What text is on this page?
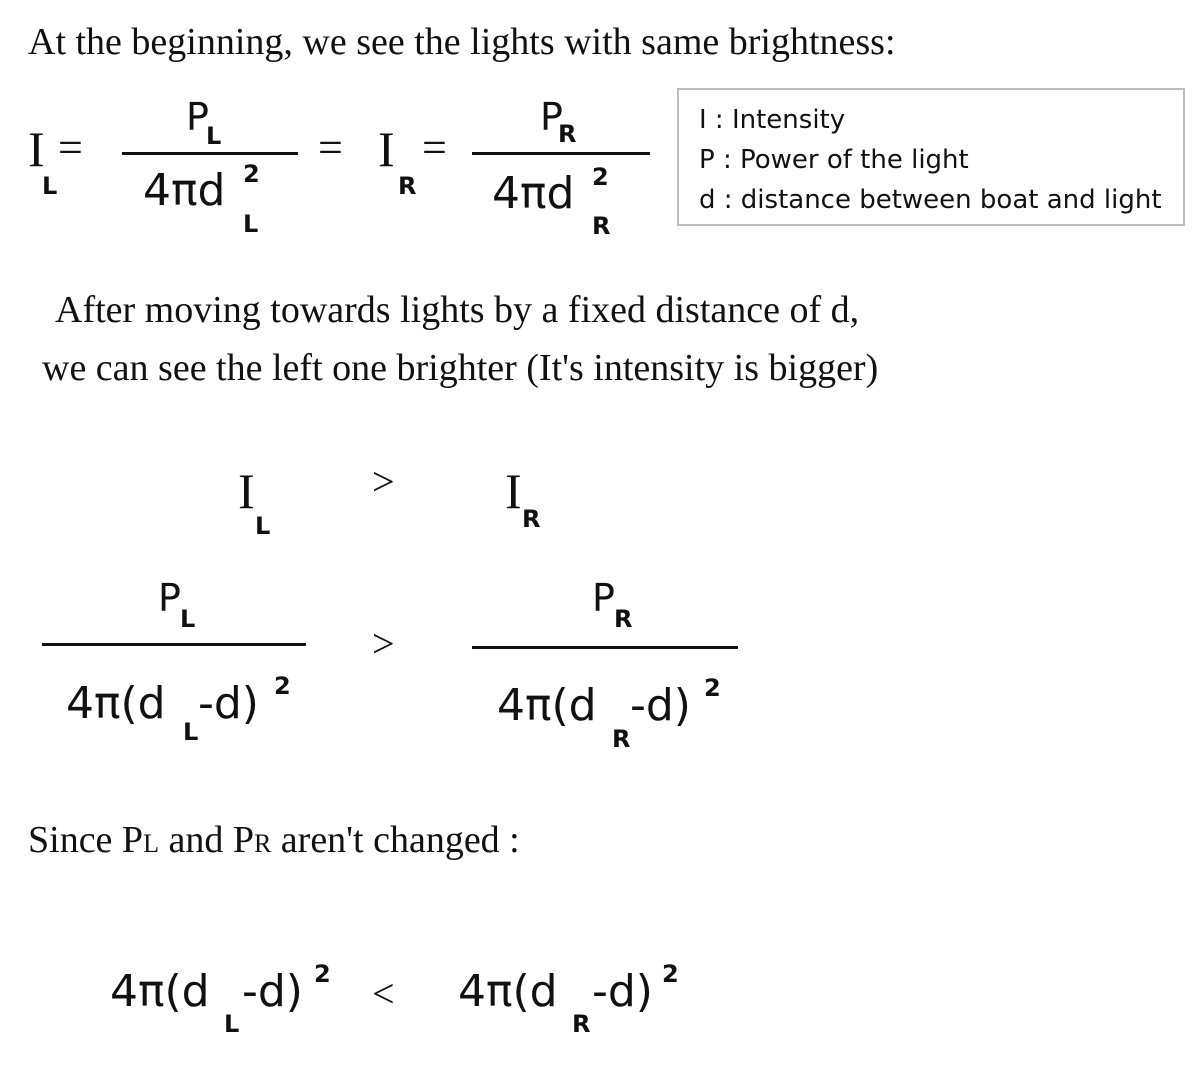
At the beginning, we see the lights with same brightness:
I
L
=
P
L
4πd 2
L
= I
R
=
P
R
4πd 2
R
I : Intensity
P : Power of the light
d : distance between boat and light
After moving towards lights by a fixed distance of d,
we can see the left one brighter (It's intensity is bigger)
I
L
> I R
P L
4π(d
L
-d) 2
>
P R
4π(d
R
-d) 2
Since PL and PR aren't changed :
4π(d
L
-d) 2 < 4π(d
R
-d) 2
